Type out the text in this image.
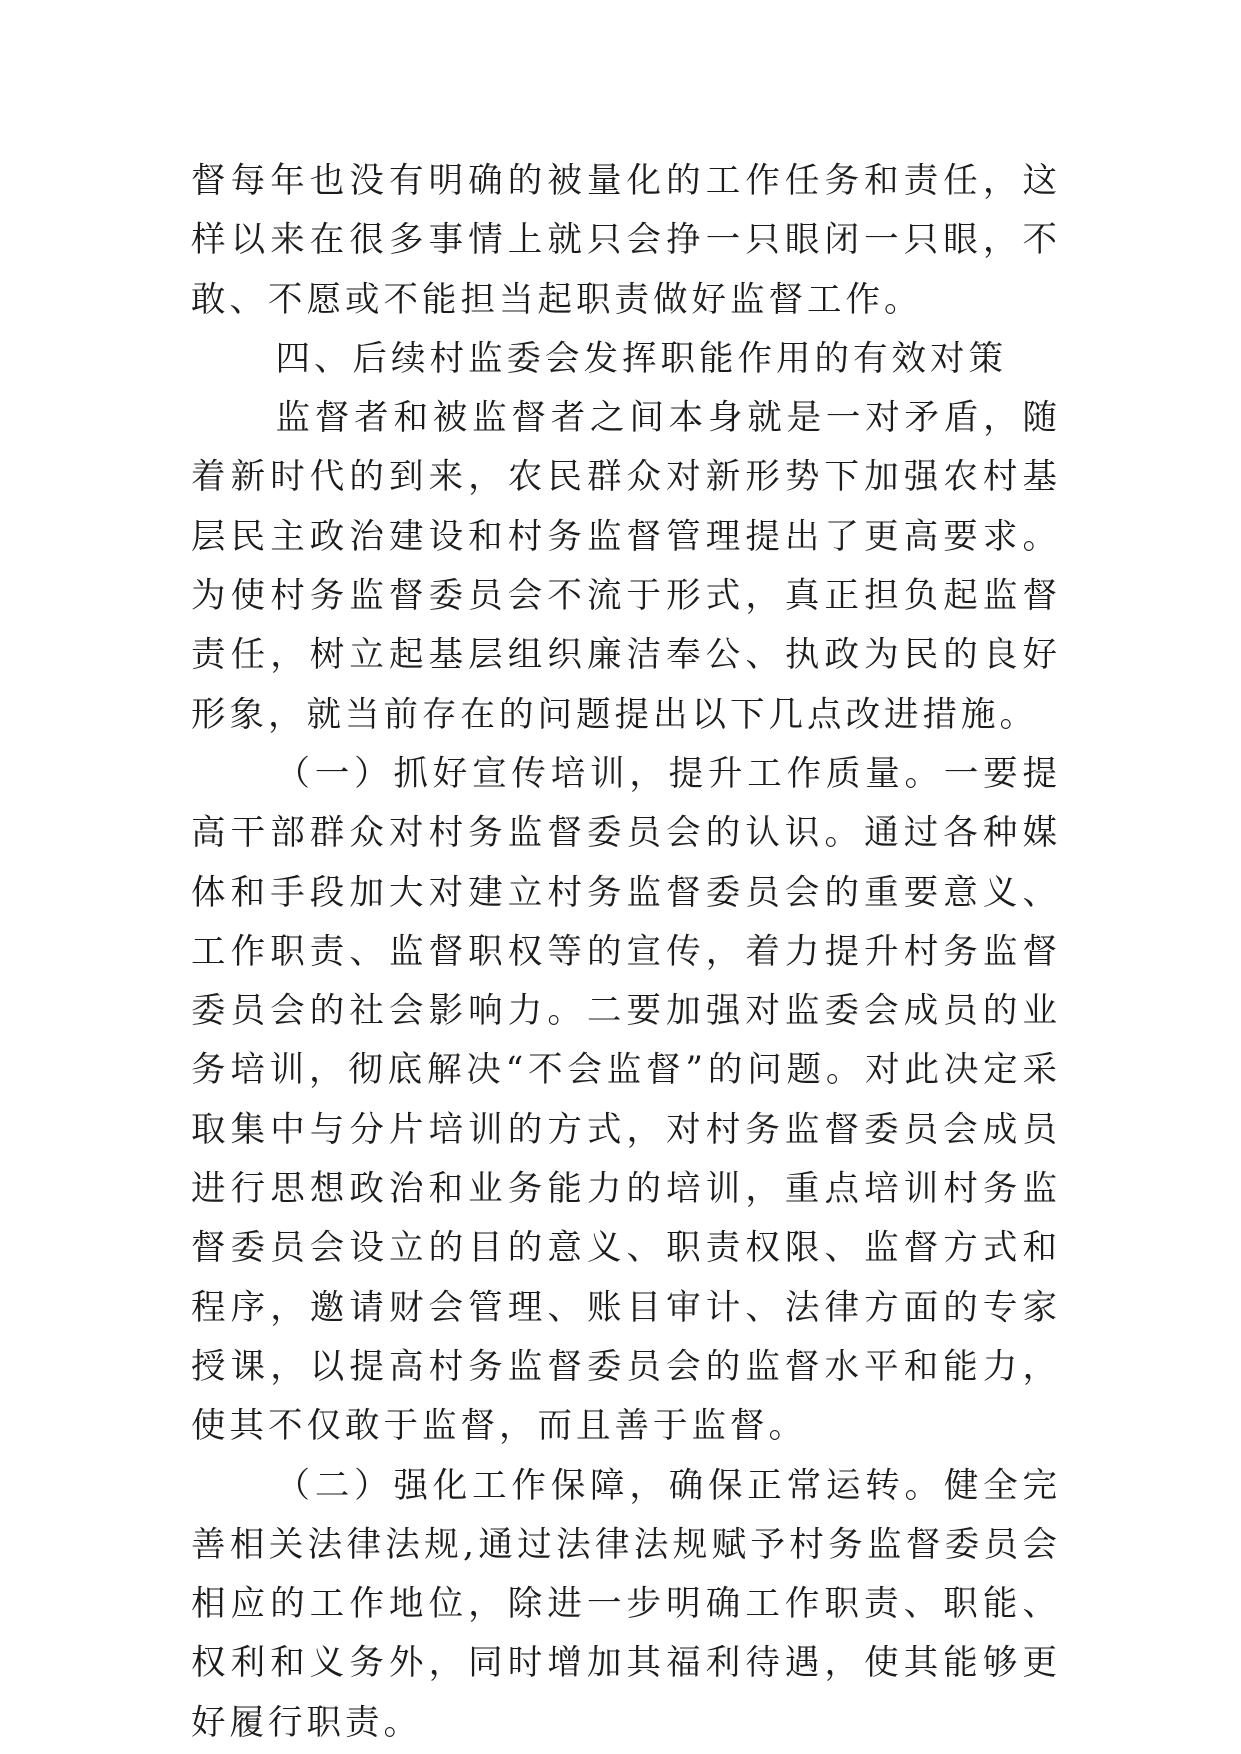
督每年也没有明确的被量化的工作任务和责任，这样以来在很多事情上就只会挣一只眼闭一只眼，不敢、不愿或不能担当起职责做好监督工作。

四、后续村监委会发挥职能作用的有效对策

监督者和被监督者之间本身就是一对矛盾，随着新时代的到来，农民群众对新形势下加强农村基层民主政治建设和村务监督管理提出了更高要求。为使村务监督委员会不流于形式，真正担负起监督责任，树立起基层组织廉洁奉公、执政为民的良好形象，就当前存在的问题提出以下几点改进措施。

（一）抓好宣传培训，提升工作质量。一要提高干部群众对村务监督委员会的认识。通过各种媒体和手段加大对建立村务监督委员会的重要意义、工作职责、监督职权等的宣传，着力提升村务监督委员会的社会影响力。二要加强对监委会成员的业务培训，彻底解决“不会监督”的问题。对此决定采取集中与分片培训的方式，对村务监督委员会成员进行思想政治和业务能力的培训，重点培训村务监督委员会设立的目的意义、职责权限、监督方式和程序，邀请财会管理、账目审计、法律方面的专家授课，以提高村务监督委员会的监督水平和能力，使其不仅敢于监督，而且善于监督。

（二）强化工作保障，确保正常运转。健全完善相关法律法规,通过法律法规赋予村务监督委员会相应的工作地位，除进一步明确工作职责、职能、权利和义务外，同时增加其福利待遇，使其能够更好履行职责。
